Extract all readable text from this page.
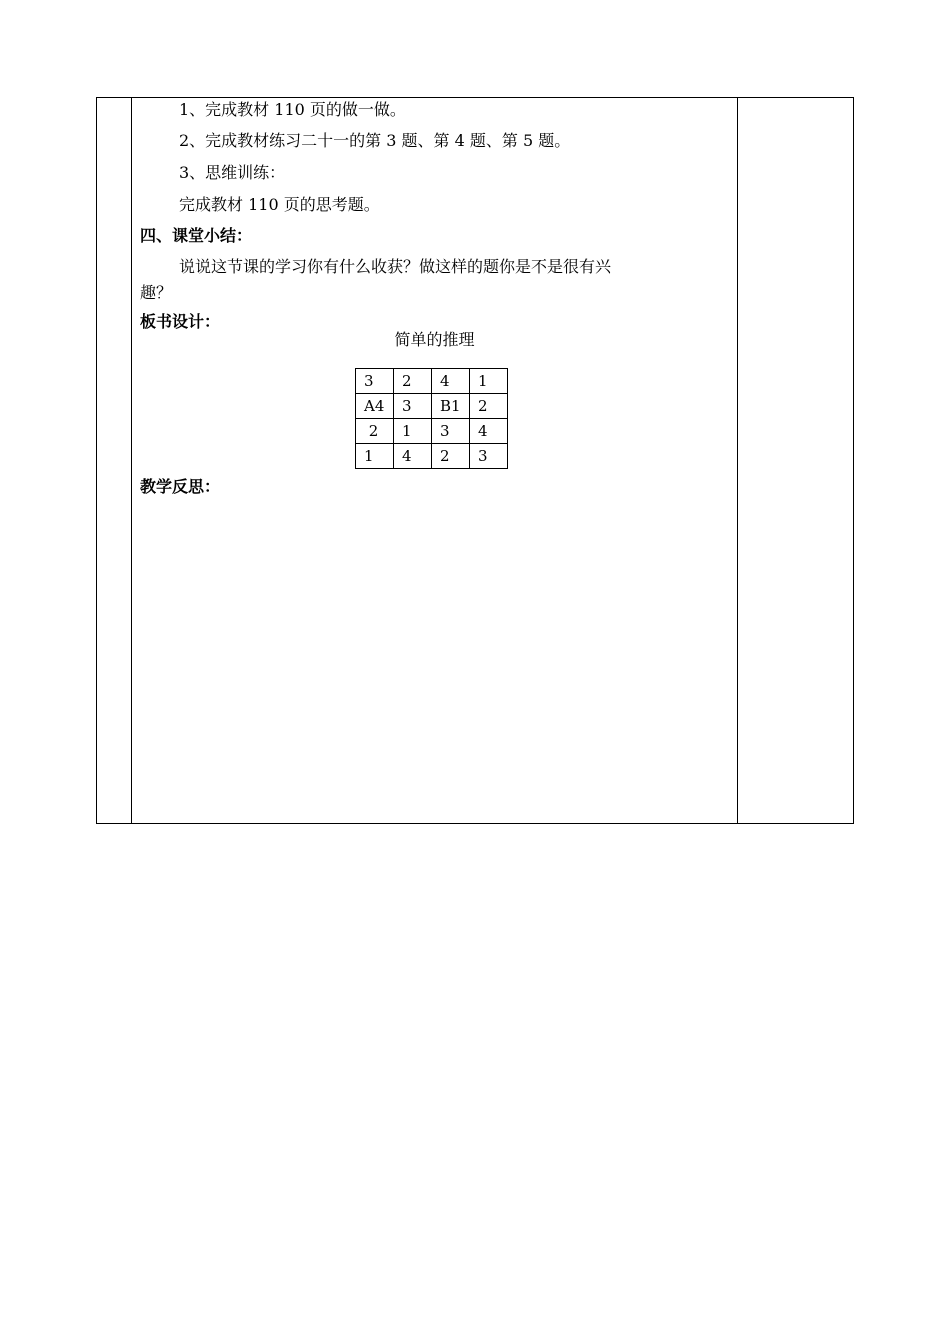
1、完成教材 110 页的做一做。
2、完成教材练习二十一的第 3 题、第 4 题、第 5 题。
3、思维训练：
完成教材 110 页的思考题。
四、课堂小结：
说说这节课的学习你有什么收获？做这样的题你是不是很有兴
趣？
板书设计：
简单的推理
3	2	4	1
A4	3	B1	2
2	1	3	4
1	4	2	3
教学反思：
